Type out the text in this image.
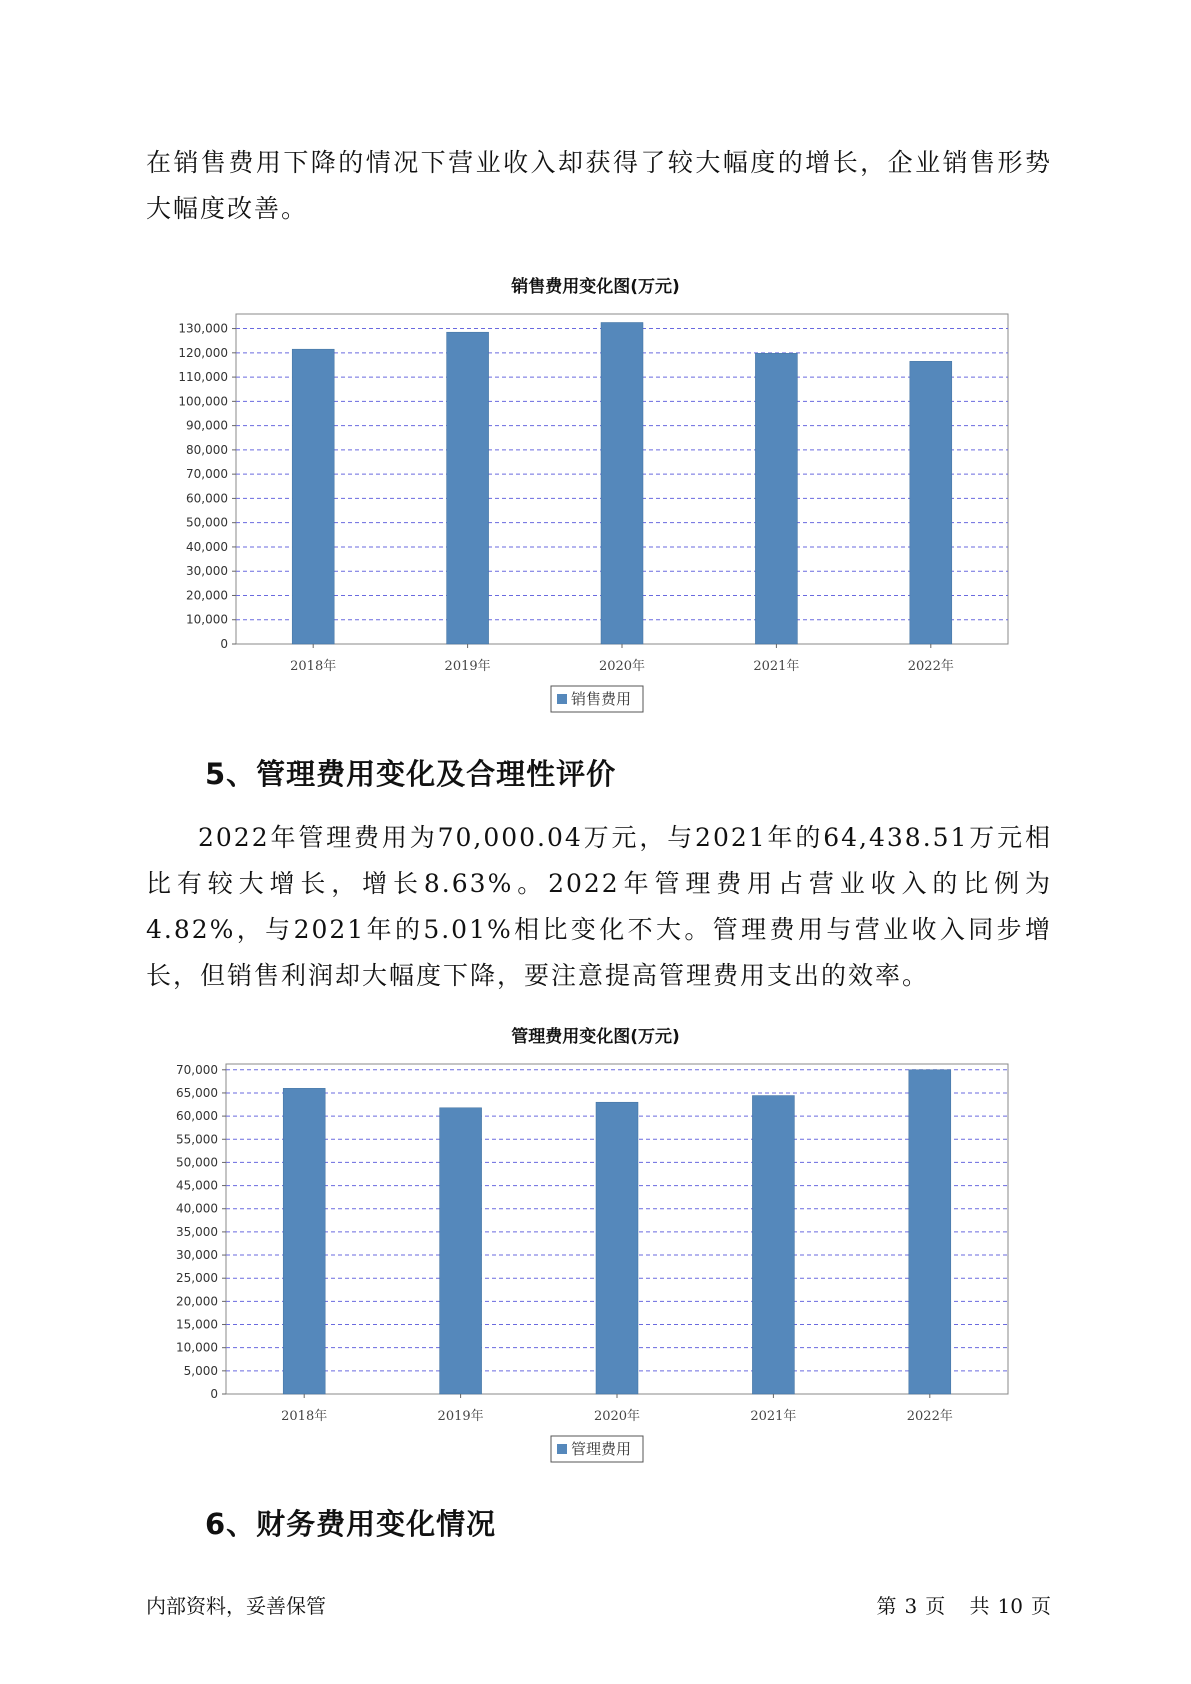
在销售费用下降的情况下营业收入却获得了较大幅度的增长，企业销售形势大幅度改善。

销售费用变化图(万元)
0
10,000
20,000
30,000
40,000
50,000
60,000
70,000
80,000
90,000
100,000
110,000
120,000
130,000
2018年	2019年	2020年	2021年	2022年
销售费用
5、管理费用变化及合理性评价

2022年管理费用为70,000.04万元，与2021年的64,438.51万元相比有较大增长，增长8.63%。2022年管理费用占营业收入的比例为4.82%，与2021年的5.01%相比变化不大。管理费用与营业收入同步增长，但销售利润却大幅度下降，要注意提高管理费用支出的效率。

管理费用变化图(万元)
0
5,000
10,000
15,000
20,000
25,000
30,000
35,000
40,000
45,000
50,000
55,000
60,000
65,000
70,000
2018年	2019年	2020年	2021年	2022年
管理费用
6、财务费用变化情况
内部资料，妥善保管	第 3 页 共 10 页
